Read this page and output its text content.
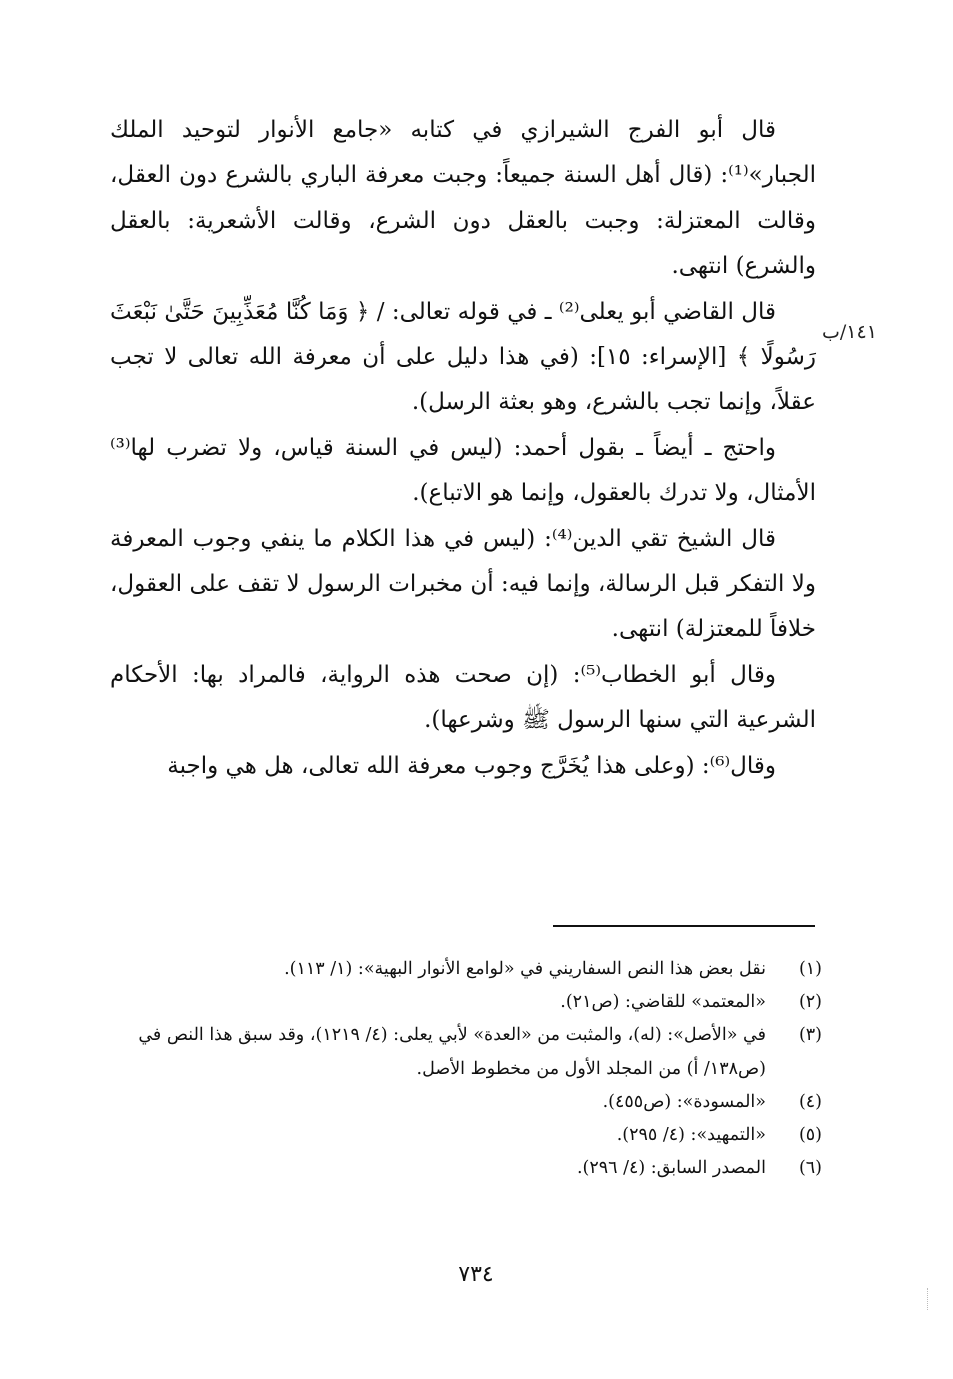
١٤١/ب

قال أبو الفرج الشيرازي في كتابه «جامع الأنوار لتوحيد الملك الجبار»⁽¹⁾: (قال أهل السنة جميعاً: وجبت معرفة الباري بالشرع دون العقل، وقالت المعتزلة: وجبت بالعقل دون الشرع، وقالت الأشعرية: بالعقل والشرع) انتهى.

قال القاضي أبو يعلى⁽²⁾ ـ في قوله تعالى: / ﴿ وَمَا كُنَّا مُعَذِّبِينَ حَتَّىٰ نَبْعَثَ رَسُولًا ﴾ [الإسراء: ١٥]: (في هذا دليل على أن معرفة الله تعالى لا تجب عقلاً، وإنما تجب بالشرع، وهو بعثة الرسل).

واحتج ـ أيضاً ـ بقول أحمد: (ليس في السنة قياس، ولا تضرب لها⁽³⁾ الأمثال، ولا تدرك بالعقول، وإنما هو الاتباع).

قال الشيخ تقي الدين⁽⁴⁾: (ليس في هذا الكلام ما ينفي وجوب المعرفة ولا التفكر قبل الرسالة، وإنما فيه: أن مخبرات الرسول لا تقف على العقول، خلافاً للمعتزلة) انتهى.

وقال أبو الخطاب⁽⁵⁾: (إن صحت هذه الرواية، فالمراد بها: الأحكام الشرعية التي سنها الرسول ﷺ وشرعها).

وقال⁽⁶⁾: (وعلى هذا يُخَرَّج وجوب معرفة الله تعالى، هل هي واجبة

(١)
نقل بعض هذا النص السفاريني في «لوامع الأنوار البهية»: (١/ ١١٣).
(٢)
«المعتمد» للقاضي: (ص٢١).
(٣)
في «الأصل»: (له)، والمثبت من «العدة» لأبي يعلى: (٤/ ١٢١٩)، وقد سبق هذا النص في (ص١٣٨/ أ) من المجلد الأول من مخطوط الأصل.
(٤)
«المسودة»: (ص٤٥٥).
(٥)
«التمهيد»: (٤/ ٢٩٥).
(٦)
المصدر السابق: (٤/ ٢٩٦).
٧٣٤
